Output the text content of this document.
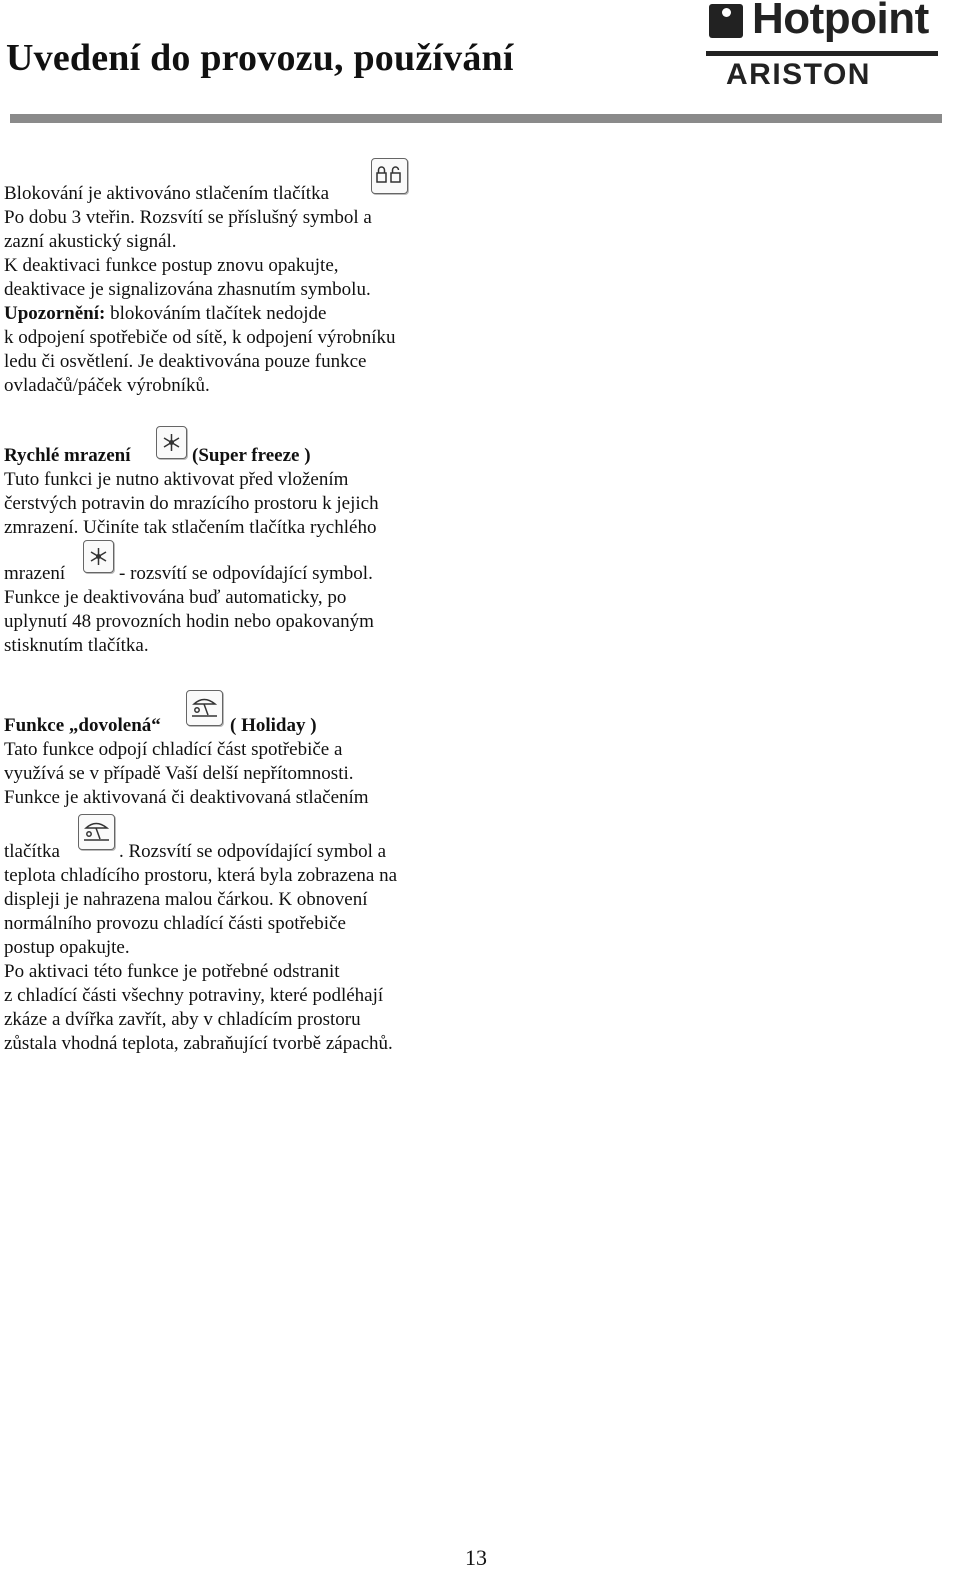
Uvedení do provozu, používání
Hotpoint
ARISTON

Blokování je aktivováno stlačením tlačítka

Po dobu 3 vteřin. Rozsvítí se příslušný symbol a

zazní akustický signál.

K deaktivaci funkce postup znovu opakujte,

deaktivace je signalizována zhasnutím symbolu.

Upozornění: blokováním tlačítek nedojde

k odpojení spotřebiče od sítě, k odpojení výrobníku

ledu či osvětlení. Je deaktivována pouze funkce

ovladačů/páček výrobníků.

Rychlé mrazení	(Super freeze )

Tuto funkci je nutno aktivovat před vložením

čerstvých potravin do mrazícího prostoru k jejich

zmrazení. Učiníte tak stlačením tlačítka rychlého

mrazení	- rozsvítí se odpovídající symbol.

Funkce je deaktivována buď automaticky, po

uplynutí 48 provozních hodin nebo opakovaným

stisknutím tlačítka.

Funkce „dovolená“	( Holiday )

Tato funkce odpojí chladící část spotřebiče a

využívá se v případě Vaší delší nepřítomnosti.

Funkce je aktivovaná či deaktivovaná stlačením

tlačítka	. Rozsvítí se odpovídající symbol a

teplota chladícího prostoru, která byla zobrazena na

displeji je nahrazena malou čárkou. K obnovení

normálního provozu chladící části spotřebiče

postup opakujte.

Po aktivaci této funkce je potřebné odstranit

z chladící části všechny potraviny, které podléhají

zkáze a dvířka zavřít, aby v chladícím prostoru

zůstala vhodná teplota, zabraňující tvorbě zápachů.

13
